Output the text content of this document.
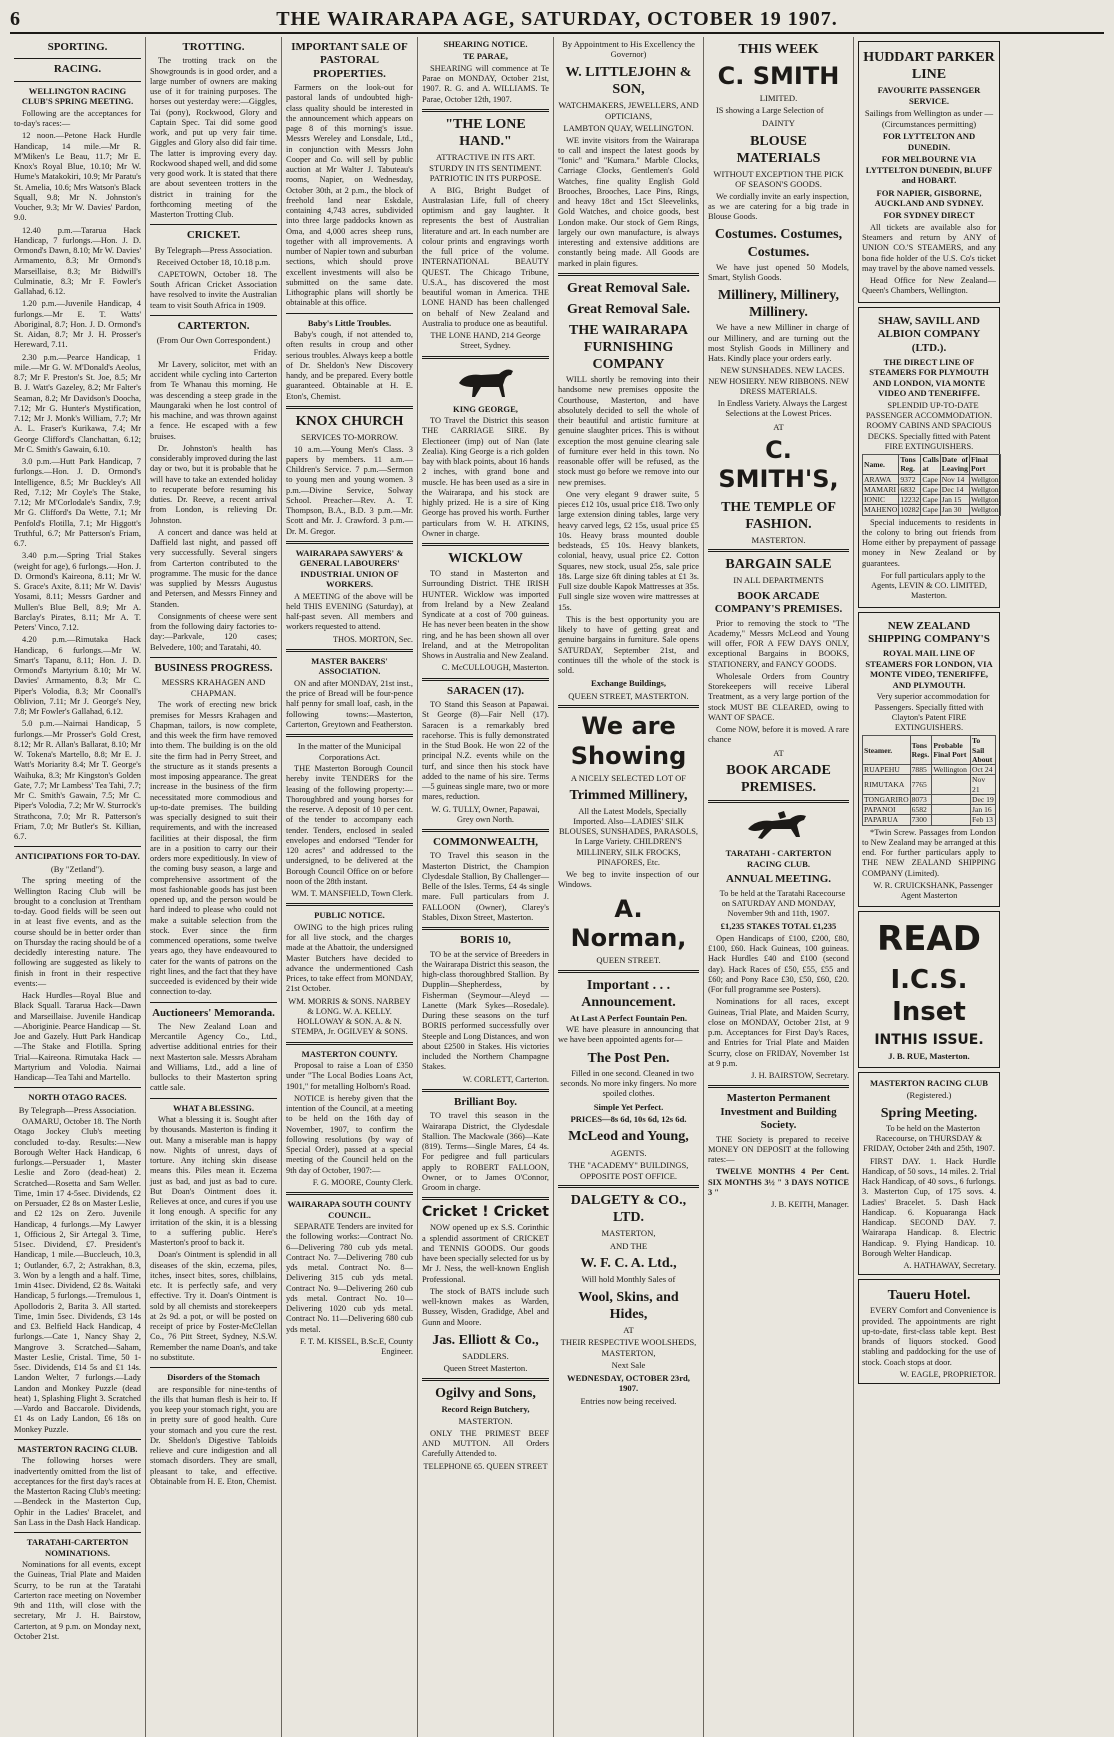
6	THE WAIRARAPA AGE, SATURDAY, OCTOBER 19 1907.
SPORTING.
RACING.
WELLINGTON RACING CLUB'S SPRING MEETING.

Following are the acceptances for to-day's races:—

12 noon.—Petone Hack Hurdle Handicap, 14 mile.—Mr R. M'Miken's Le Beau, 11.7; Mr E. Knox's Royal Blue, 10.10; Mr W. Hume's Matakokiri, 10.9; Mr Paratu's St. Amelia, 10.6; Mrs Watson's Black Squall, 9.8; Mr N. Johnston's Voucher, 9.3; Mr W. Davies' Pardon, 9.0.

12.40 p.m.—Tararua Hack Handicap, 7 furlongs.—Hon. J. D. Ormond's Dawn, 8.10; Mr W. Davies' Armamento, 8.3; Mr Ormond's Marseillaise, 8.3; Mr Bidwill's Culminatie, 8.3; Mr F. Fowler's Gallahad, 6.12.

1.20 p.m.—Juvenile Handicap, 4 furlongs.—Mr E. T. Watts' Aboriginal, 8.7; Hon. J. D. Ormond's St. Aidan, 8.7; Mr J. H. Prosser's Hereward, 7.11.

2.30 p.m.—Pearce Handicap, 1 mile.—Mr G. W. M'Donald's Aeolus, 8.7; Mr F. Preston's St. Joe, 8.5; Mr B. J. Watt's Gazeley, 8.2; Mr Falter's Seaman, 8.2; Mr Davidson's Doocha, 7.12; Mr G. Hunter's Mystification, 7.12; Mr J. Monk's William, 7.7; Mr A. L. Fraser's Kurikawa, 7.4; Mr George Clifford's Clanchattan, 6.12; Mr C. Smith's Gawain, 6.10.

3.0 p.m.—Hutt Park Handicap, 7 furlongs.—Hon. J. D. Ormond's Intelligence, 8.5; Mr Buckley's All Red, 7.12; Mr Coyle's The Stake, 7.12; Mr M'Corlodale's Sandix, 7.9; Mr G. Clifford's Da Wette, 7.1; Mr Penfold's Flotilla, 7.1; Mr Higgott's Truthful, 6.7; Mr Patterson's Friam, 6.7.

3.40 p.m.—Spring Trial Stakes (weight for age), 6 furlongs.—Hon. J. D. Ormond's Kaireona, 8.11; Mr W. S. Grace's Axite, 8.11; Mr W. Davis' Yosami, 8.11; Messrs Gardner and Mullen's Blue Bell, 8.9; Mr A. Barclay's Pirates, 8.11; Mr A. T. Peters' Vinco, 7.12.

4.20 p.m.—Rimutaka Hack Handicap, 6 furlongs.—Mr W. Smart's Tapanu, 8.11; Hon. J. D. Ormond's Martyrium 8.10; Mr W. Davies' Armamento, 8.3; Mr C. Piper's Volodia, 8.3; Mr Coonall's Oblivion, 7.11; Mr J. George's Ney, 7.8; Mr Fowler's Gallahad, 6.12.

5.0 p.m.—Nairnai Handicap, 5 furlongs.—Mr Prosser's Gold Crest, 8.12; Mr R. Allan's Ballarat, 8.10; Mr W. Tokena's Martello, 8.8; Mr E. J. Watt's Moriarity 8.4; Mr T. George's Waihuka, 8.3; Mr Kingston's Golden Gate, 7.7; Mr Lambess' Tea Tahi, 7.7; Mr C. Smith's Gawain, 7.5; Mr C. Piper's Volodia, 7.2; Mr W. Sturrock's Strathcona, 7.0; Mr R. Patterson's Friam, 7.0; Mr Butler's St. Killian, 6.7.

ANTICIPATIONS FOR TO-DAY.
(By "Zetland").

The spring meeting of the Wellington Racing Club will be brought to a conclusion at Trentham to-day. Good fields will be seen out in at least five events, and as the course should be in better order than on Thursday the racing should be of a decidedly interesting nature. The following are suggested as likely to finish in front in their respective events:—

Hack Hurdles—Royal Blue and Black Squall. Tararua Hack—Dawn and Marseillaise. Juvenile Handicap—Aboriginie. Pearce Handicap — St. Joe and Gazely. Hutt Park Handicap—The Stake and Flotilla. Spring Trial—Kaireona. Rimutaka Hack — Martyrium and Volodia. Nairnai Handicap—Tea Tahi and Martello.

NORTH OTAGO RACES.
By Telegraph—Press Association.

OAMARU, October 18. The North Otago Jockey Club's meeting concluded to-day. Results:—New Borough Welter Hack Handicap, 6 furlongs.—Persuader 1, Master Leslie and Zoro (dead-heat) 2. Scratched—Rosetta and Sam Weller. Time, 1min 17 4-5sec. Dividends, £2 on Persuader, £2 8s on Master Leslie, and £2 12s on Zero. Juvenile Handicap, 4 furlongs.—My Lawyer 1, Officious 2, Sir Artegal 3. Time, 51sec. Dividend, £7. President's Handicap, 1 mile.—Buccleuch, 10.3, 1; Outlander, 6.7, 2; Astrakhan, 8.3, 3. Won by a length and a half. Time, 1min 41sec. Dividend, £2 8s. Waitaki Handicap, 5 furlongs.—Tremulous 1, Apollodoris 2, Barita 3. All started. Time, 1min 5sec. Dividends, £3 14s and £3. Belfield Hack Handicap, 4 furlongs.—Cate 1, Nancy Shay 2, Mangrove 3. Scratched—Saham, Master Leslie, Cristal. Time, 50 1-5sec. Dividends, £14 5s and £1 14s. Landon Welter, 7 furlongs.—Lady Landon and Monkey Puzzle (dead heat) 1, Splashing Flight 3. Scratched—Vardo and Baccarole. Dividends, £1 4s on Lady Landon, £6 18s on Monkey Puzzle.

MASTERTON RACING CLUB.

The following horses were inadvertently omitted from the list of acceptances for the first day's races at the Masterton Racing Club's meeting:—Bendeck in the Masterton Cup, Ophir in the Ladies' Bracelet, and San Lass in the Dash Hack Handicap.

TARATAHI-CARTERTON NOMINATIONS.

Nominations for all events, except the Guineas, Trial Plate and Maiden Scurry, to be run at the Taratahi Carterton race meeting on November 9th and 11th, will close with the secretary, Mr J. H. Bairstow, Carterton, at 9 p.m. on Monday next, October 21st.

TROTTING.

The trotting track on the Showgrounds is in good order, and a large number of owners are making use of it for training purposes. The horses out yesterday were:—Giggles, Tai (pony), Rockwood, Glory and Captain Spec. Tai did some good work, and put up very fair time. Giggles and Glory also did fair time. The latter is improving every day. Rockwood shaped well, and did some very good work. It is stated that there are about seventeen trotters in the district in training for the forthcoming meeting of the Masterton Trotting Club.

CRICKET.
By Telegraph—Press Association.
Received October 18, 10.18 p.m.

CAPETOWN, October 18. The South African Cricket Association have resolved to invite the Australian team to visit South Africa in 1909.

CARTERTON.
(From Our Own Correspondent.)
Friday.

Mr Lavery, solicitor, met with an accident while cycling into Carterton from Te Whanau this morning. He was descending a steep grade in the Maungaraki when he lost control of his machine, and was thrown against a fence. He escaped with a few bruises.

Dr. Johnston's health has considerably improved during the last day or two, but it is probable that he will have to take an extended holiday to recuperate before resuming his duties. Dr. Reeve, a recent arrival from London, is relieving Dr. Johnston.

A concert and dance was held at Daffield last night, and passed off very successfully. Several singers from Carterton contributed to the programme. The music for the dance was supplied by Messrs Augustus and Petersen, and Messrs Finney and Standen.

Consignments of cheese were sent from the following dairy factories to-day:—Parkvale, 120 cases; Belvedere, 100; and Taratahi, 40.

BUSINESS PROGRESS.
MESSRS KRAHAGEN AND CHAPMAN.

The work of erecting new brick premises for Messrs Krahagen and Chapman, tailors, is now complete, and this week the firm have removed into them. The building is on the old site the firm had in Perry Street, and the structure as it stands presents a most imposing appearance. The great increase in the business of the firm necessitated more commodious and up-to-date premises. The building was specially designed to suit their requirements, and with the increased facilities at their disposal, the firm are in a position to carry our their orders more expeditiously. In view of the coming busy season, a large and comprehensive assortment of the most fashionable goods has just been opened up, and the person would be hard indeed to please who could not make a suitable selection from the stock. Ever since the firm commenced operations, some twelve years ago, they have endeavoured to cater for the wants of patrons on the right lines, and the fact that they have succeeded is evidenced by their wide connection to-day.

Auctioneers' Memoranda.

The New Zealand Loan and Mercantile Agency Co., Ltd., advertise additional entries for their next Masterton sale. Messrs Abraham and Williams, Ltd., add a line of bullocks to their Masterton spring cattle sale.

WHAT A BLESSING.

What a blessing it is. Sought after by thousands. Masterton is finding it out. Many a miserable man is happy now. Nights of unrest, days of torture. Any itching skin disease means this. Piles mean it. Eczema just as bad, and just as bad to cure. But Doan's Ointment does it. Relieves at once, and cures if you use it long enough. A specific for any irritation of the skin, it is a blessing to a suffering public. Here's Masterton's proof to back it.

Doan's Ointment is splendid in all diseases of the skin, eczema, piles, itches, insect bites, sores, chilblains, etc. It is perfectly safe, and very effective. Try it. Doan's Ointment is sold by all chemists and storekeepers at 2s 9d. a pot, or will be posted on receipt of price by Foster-McClellan Co., 76 Pitt Street, Sydney, N.S.W. Remember the name Doan's, and take no substitute.

Disorders of the Stomach

are responsible for nine-tenths of the ills that human flesh is heir to. If you keep your stomach right, you are in pretty sure of good health. Cure your stomach and you cure the rest. Dr. Sheldon's Digestive Tabloids relieve and cure indigestion and all stomach disorders. They are small, pleasant to take, and effective. Obtainable from H. E. Eton, Chemist.

IMPORTANT SALE OF PASTORAL PROPERTIES.

Farmers on the look-out for pastoral lands of undoubted high-class quality should be interested in the announcement which appears on page 8 of this morning's issue. Messrs Wereley and Lonsdale, Ltd., in conjunction with Messrs John Cooper and Co. will sell by public auction at Mr Walter J. Tabuteau's rooms, Napier, on Wednesday, October 30th, at 2 p.m., the block of freehold land near Eskdale, containing 4,743 acres, subdivided into three large paddocks known as Oma, and 4,000 acres sheep runs, together with all improvements. A number of Napier town and suburban sections, which should prove excellent investments will also be submitted on the same date. Lithographic plans will shortly be obtainable at this office.

Baby's Little Troubles.

Baby's cough, if not attended to, often results in croup and other serious troubles. Always keep a bottle of Dr. Sheldon's New Discovery handy, and be prepared. Every bottle guaranteed. Obtainable at H. E. Eton's, Chemist.

KNOX CHURCH
SERVICES TO-MORROW.

10 a.m.—Young Men's Class. 3 papers by members. 11 a.m.—Children's Service. 7 p.m.—Sermon to young men and young women. 3 p.m.—Divine Service, Solway School. Preacher—Rev. A. T. Thompson, B.A., B.D. 3 p.m.—Mr. Scott and Mr. J. Crawford. 3 p.m.—Dr. M. Gregor.

WAIRARAPA SAWYERS' & GENERAL LABOURERS' INDUSTRIAL UNION OF WORKERS.

A MEETING of the above will be held THIS EVENING (Saturday), at half-past seven. All members and workers requested to attend.

THOS. MORTON, Sec.
MASTER BAKERS' ASSOCIATION.

ON and after MONDAY, 21st inst., the price of Bread will be four-pence half penny for small loaf, cash, in the following towns:—Masterton, Carterton, Greytown and Featherston.

In the matter of the Municipal Corporations Act.

THE Masterton Borough Council hereby invite TENDERS for the leasing of the following property:—Thoroughbred and young horses for the reserve. A deposit of 10 per cent. of the tender to accompany each tender. Tenders, enclosed in sealed envelopes and endorsed "Tender for 120 acres" and addressed to the undersigned, to be delivered at the Borough Council Office on or before noon of the 28th instant.

WM. T. MANSFIELD, Town Clerk.
PUBLIC NOTICE.

OWING to the high prices ruling for all live stock, and the charges made at the Abattoir, the undersigned Master Butchers have decided to advance the undermentioned Cash Prices, to take effect from MONDAY, 21st October.

WM. MORRIS & SONS. NARBEY & LONG. W. A. KELLY. HOLLOWAY & SON. A. & N. STEMPA, Jr. OGILVEY & SONS.
MASTERTON COUNTY.

Proposal to raise a Loan of £350 under "The Local Bodies Loans Act, 1901," for metalling Holborn's Road.

NOTICE is hereby given that the intention of the Council, at a meeting to be held on the 16th day of November, 1907, to confirm the following resolutions (by way of Special Order), passed at a special meeting of the Council held on the 9th day of October, 1907:—

F. G. MOORE, County Clerk.
WAIRARAPA SOUTH COUNTY COUNCIL.

SEPARATE Tenders are invited for the following works:—Contract No. 6—Delivering 780 cub yds metal. Contract No. 7—Delivering 780 cub yds metal. Contract No. 8—Delivering 315 cub yds metal. Contract No. 9—Delivering 260 cub yds metal. Contract No. 10—Delivering 1020 cub yds metal. Contract No. 11—Delivering 680 cub yds metal.

F. T. M. KISSEL, B.Sc.E, County Engineer.
SHEARING NOTICE.
TE PARAE,

SHEARING will commence at Te Parae on MONDAY, October 21st, 1907. R. G. and A. WILLIAMS. Te Parae, October 12th, 1907.

"THE LONE HAND."
ATTRACTIVE IN ITS ART. STURDY IN ITS SENTIMENT. PATRIOTIC IN ITS PURPOSE.

A BIG, Bright Budget of Australasian Life, full of cheery optimism and gay laughter. It represents the best of Australian literature and art. In each number are colour prints and engravings worth the full price of the volume. INTERNATIONAL BEAUTY QUEST. The Chicago Tribune, U.S.A., has discovered the most beautiful woman in America. THE LONE HAND has been challenged on behalf of New Zealand and Australia to produce one as beautiful.

THE LONE HAND, 214 George Street, Sydney.
KING GEORGE,

TO Travel the District this season THE CARRIAGE SIRE. By Electioneer (imp) out of Nan (late Zealia). King George is a rich golden bay with black points, about 16 hands 2 inches, with grand bone and muscle. He has been used as a sire in the Wairarapa, and his stock are highly prized. He is a sire of King George has proved his worth. Further particulars from W. H. ATKINS, Owner in charge.

WICKLOW

TO stand in Masterton and Surrounding District. THE IRISH HUNTER. Wicklow was imported from Ireland by a New Zealand Syndicate at a cost of 700 guineas. He has never been beaten in the show ring, and he has been shown all over Ireland, and at the Metropolitan Shows in Australia and New Zealand.

C. McCULLOUGH, Masterton.
SARACEN (17).

TO Stand this Season at Papawai. St George (8)—Fair Nell (17). Saracen is a remarkably bred racehorse. This is fully demonstrated in the Stud Book. He won 22 of the principal N.Z. events while on the turf, and since then his stock have added to the name of his sire. Terms—5 guineas single mare, two or more mares, reduction.

W. G. TULLY, Owner, Papawai, Grey own North.
COMMONWEALTH,

TO Travel this season in the Masterton District, the Champion Clydesdale Stallion, By Challenger—Belle of the Isles. Terms, £4 4s single mare. Full particulars from J. FALLOON (Owner), Clarey's Stables, Dixon Street, Masterton.

BORIS 10,

TO be at the service of Breeders in the Wairarapa District this season, the high-class thoroughbred Stallion. By Dupplin—Shepherdess, by Fisherman (Seymour—Aleyd — Lanette (Mark Sykes—Rosedale). During these seasons on the turf BORIS performed successfully over Steeple and Long Distances, and won about £2500 in Stakes. His victories included the Northern Champagne Stakes.

W. CORLETT, Carterton.
Brilliant Boy.

TO travel this season in the Wairarapa District, the Clydesdale Stallion. The Mackwale (366)—Kate (819). Terms—Single Mares, £4 4s. For pedigree and full particulars apply to ROBERT FALLOON, Owner, or to James O'Connor, Groom in charge.

Cricket ! Cricket

NOW opened up ex S.S. Corinthic a splendid assortment of CRICKET and TENNIS GOODS. Our goods have been specially selected for us by Mr J. Ness, the well-known English Professional.

The stock of BATS include such well-known makes as Warden, Bussey, Wisden, Gradidge, Abel and Gunn and Moore.

Jas. Elliott & Co.,
SADDLERS.
Queen Street Masterton.
Ogilvy and Sons,
Record Reign Butchery,
MASTERTON.

ONLY THE PRIMEST BEEF AND MUTTON. All Orders Carefully Attended to.

TELEPHONE 65. QUEEN STREET
By Appointment to His Excellency the Governor)
W. LITTLEJOHN & SON,
WATCHMAKERS, JEWELLERS, AND OPTICIANS,
LAMBTON QUAY, WELLINGTON.

WE invite visitors from the Wairarapa to call and inspect the latest goods by "Ionic" and "Kumara." Marble Clocks, Carriage Clocks, Gentlemen's Gold Watches, fine quality English Gold Brooches, Brooches, Lace Pins, Rings, and heavy 18ct and 15ct Sleevelinks, Gold Watches, and choice goods, best London make. Our stock of Gem Rings, largely our own manufacture, is always interesting and extensive additions are constantly being made. All Goods are marked in plain figures.

Great Removal Sale.
Great Removal Sale.
THE WAIRARAPA FURNISHING COMPANY

WILL shortly be removing into their handsome new premises opposite the Courthouse, Masterton, and have absolutely decided to sell the whole of their beautiful and artistic furniture at genuine slaughter prices. This is without exception the most genuine clearing sale of furniture ever held in this town. No reasonable offer will be refused, as the stock must go before we remove into our new premises.

One very elegant 9 drawer suite, 5 pieces £12 10s, usual price £18. Two only large extension dining tables, large very heavy carved legs, £2 15s, usual price £5 10s. Heavy brass mounted double bedsteads, £5 10s. Heavy blankets, colonial, heavy, usual price £2. Cotton Squares, new stock, usual 25s, sale price 18s. Large size 6ft dining tables at £1 3s. Full size double Kapok Mattresses at 35s. Full single size woven wire mattresses at 15s.

This is the best opportunity you are likely to have of getting great and genuine bargains in furniture. Sale opens SATURDAY, September 21st, and continues till the whole of the stock is sold.

Exchange Buildings,
QUEEN STREET, MASTERTON.
We are Showing
A NICELY SELECTED LOT OF
Trimmed Millinery,

All the Latest Models, Specially Imported. Also—LADIES' SILK BLOUSES, SUNSHADES, PARASOLS, In Large Variety. CHILDREN'S MILLINERY, SILK FROCKS, PINAFORES, Etc.

We beg to invite inspection of our Windows.

A. Norman,
QUEEN STREET.
Important . . . Announcement.
At Last A Perfect Fountain Pen.

WE have pleasure in announcing that we have been appointed agents for—

The Post Pen.

Filled in one second. Cleaned in two seconds. No more inky fingers. No more spoiled clothes.

Simple Yet Perfect.
PRICES—8s 6d, 10s 6d, 12s 6d.
McLeod and Young,
AGENTS.
THE "ACADEMY" BUILDINGS, OPPOSITE POST OFFICE.
DALGETY & CO., LTD.
MASTERTON,
AND THE
W. F. C. A. Ltd.,
Will hold Monthly Sales of
Wool, Skins, and Hides,
AT
THEIR RESPECTIVE WOOLSHEDS, MASTERTON,
Next Sale
WEDNESDAY, OCTOBER 23rd, 1907.
Entries now being received.
THIS WEEK
C. SMITH
LIMITED.

IS showing a Large Selection of

DAINTY
BLOUSE MATERIALS
WITHOUT EXCEPTION THE PICK OF SEASON'S GOODS.

We cordially invite an early inspection, as we are catering for a big trade in Blouse Goods.

Costumes. Costumes, Costumes.

We have just opened 50 Models, Smart, Stylish Goods.

Millinery, Millinery, Millinery.

We have a new Milliner in charge of our Millinery, and are turning out the most Stylish Goods in Millinery and Hats. Kindly place your orders early.

NEW SUNSHADES. NEW LACES. NEW HOSIERY. NEW RIBBONS. NEW DRESS MATERIALS.

In Endless Variety. Always the Largest Selections at the Lowest Prices.

AT
C. SMITH'S,
THE TEMPLE OF FASHION.
MASTERTON.
BARGAIN SALE
IN ALL DEPARTMENTS
BOOK ARCADE COMPANY'S PREMISES.

Prior to removing the stock to "The Academy," Messrs McLeod and Young will offer, FOR A FEW DAYS ONLY, exceptional Bargains in BOOKS, STATIONERY, and FANCY GOODS.

Wholesale Orders from Country Storekeepers will receive Liberal Treatment, as a very large portion of the stock MUST BE CLEARED, owing to WANT OF SPACE.

Come NOW, before it is moved. A rare chance

AT
BOOK ARCADE PREMISES.
TARATAHI - CARTERTON RACING CLUB.
ANNUAL MEETING.

To be held at the Taratahi Racecourse on SATURDAY AND MONDAY, November 9th and 11th, 1907.

£1,235 STAKES TOTAL £1,235

Open Handicaps of £100, £200, £80, £100, £60. Hack Guineas, 100 guineas. Hack Hurdles £40 and £100 (second day). Hack Races of £50, £55, £55 and £60; and Pony Race £30, £50, £60, £20. (For full programme see Posters).

Nominations for all races, except Guineas, Trial Plate, and Maiden Scurry, close on MONDAY, October 21st, at 9 p.m. Acceptances for First Day's Races, and Entries for Trial Plate and Maiden Scurry, close on FRIDAY, November 1st at 9 p.m.

J. H. BAIRSTOW, Secretary.
Masterton Permanent Investment and Building Society.

THE Society is prepared to receive MONEY ON DEPOSIT at the following rates:—

TWELVE MONTHS 4 Per Cent. SIX MONTHS 3½ " 3 DAYS NOTICE 3 "

J. B. KEITH, Manager.
HUDDART PARKER LINE
FAVOURITE PASSENGER SERVICE.
Sailings from Wellington as under — (Circumstances permitting)
FOR LYTTELTON AND DUNEDIN.
FOR MELBOURNE VIA LYTTELTON DUNEDIN, BLUFF and HOBART.
FOR NAPIER, GISBORNE, AUCKLAND AND SYDNEY.
FOR SYDNEY DIRECT

All tickets are available also for Steamers and return by ANY of UNION CO.'S STEAMERS, and any bona fide holder of the U.S. Co's ticket may travel by the above named vessels.

Head Office for New Zealand—Queen's Chambers, Wellington.

SHAW, SAVILL AND ALBION COMPANY (LTD.).
THE DIRECT LINE OF STEAMERS FOR PLYMOUTH AND LONDON, VIA MONTE VIDEO AND TENERIFFE.

SPLENDID UP-TO-DATE PASSENGER ACCOMMODATION. ROOMY CABINS AND SPACIOUS DECKS. Specially fitted with Patent FIRE EXTINGUISHERS.

Name.	Tons Reg.	Calls at	Date of Leaving	Final Port
ARAWA	9372	Cape	Nov 14	Wellgton
MAMARI	6832	Cape	Dec 14	Wellgton
IONIC	12232	Cape	Jan 15	Wellgton
MAHENO	10282	Cape	Jan 30	Wellgton

Special inducements to residents in the colony to bring out friends from Home either by prepayment of passage money in New Zealand or by guarantees.

For full particulars apply to the Agents, LEVIN & CO. LIMITED, Masterton.

NEW ZEALAND SHIPPING COMPANY'S
ROYAL MAIL LINE OF STEAMERS FOR LONDON, VIA MONTE VIDEO, TENERIFFE, AND PLYMOUTH.

Very superior accommodation for Passengers. Specially fitted with Clayton's Patent FIRE EXTINGUISHERS.

Steamer.	Tons Regs.	Probable Final Port	To Sail About
RUAPEHU	7885	Wellington	Oct 24
RIMUTAKA	7765		Nov 21
TONGARIRO	8073		Dec 19
PAPANOI	6582		Jan 16
PAPARUA	7300		Feb 13

*Twin Screw. Passages from London to New Zealand may be arranged at this end. For further particulars apply to THE NEW ZEALAND SHIPPING COMPANY (Limited).

W. R. CRUICKSHANK, Passenger Agent Masterton

READ
I.C.S. Inset
INTHIS ISSUE.
J. B. RUE, Masterton.
MASTERTON RACING CLUB
(Registered.)
Spring Meeting.

To be held on the Masterton Racecourse, on THURSDAY & FRIDAY, October 24th and 25th, 1907.

FIRST DAY. 1. Hack Hurdle Handicap, of 50 sovs., 14 miles. 2. Trial Hack Handicap, of 40 sovs., 6 furlongs. 3. Masterton Cup, of 175 sovs. 4. Ladies' Bracelet. 5. Dash Hack Handicap. 6. Kopuaranga Hack Handicap. SECOND DAY. 7. Wairarapa Handicap. 8. Electric Handicap. 9. Flying Handicap. 10. Borough Welter Handicap.

A. HATHAWAY, Secretary.
Taueru Hotel.

EVERY Comfort and Convenience is provided. The appointments are right up-to-date, first-class table kept. Best brands of liquors stocked. Good stabling and paddocking for the use of stock. Coach stops at door.

W. EAGLE, PROPRIETOR.
